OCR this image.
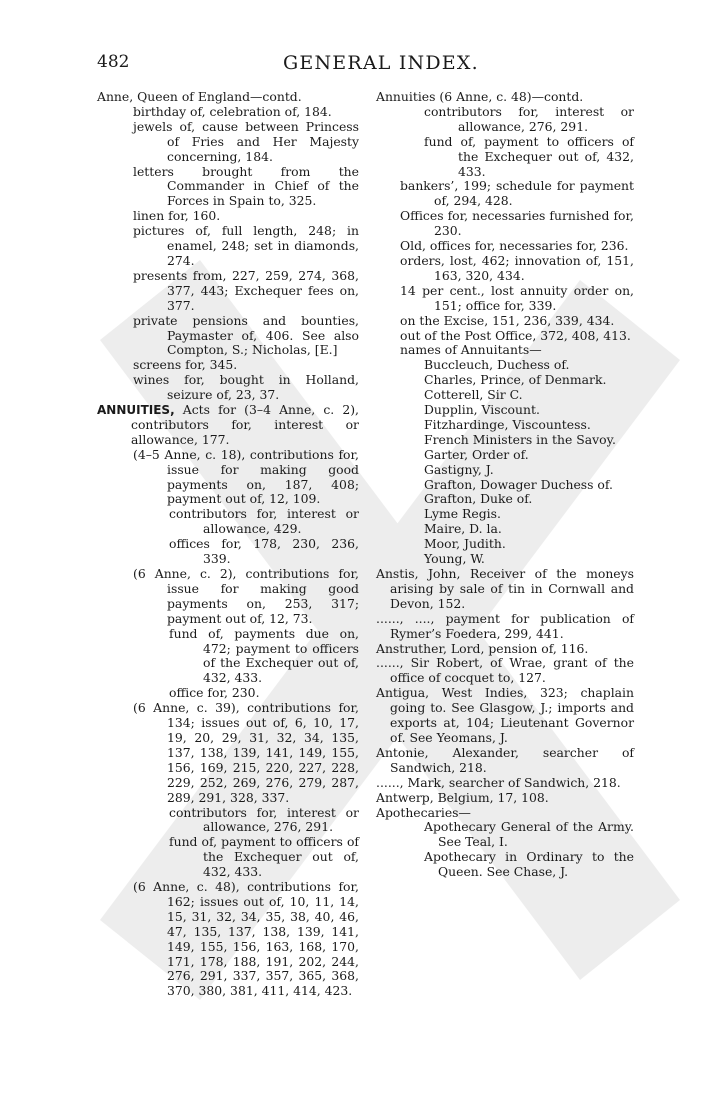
482	GENERAL INDEX.
Anne, Queen of England—contd.
birthday of, celebration of, 184.
jewels of, cause between Princess of Fries and Her Majesty concerning, 184.
letters brought from the Commander in Chief of the Forces in Spain to, 325.
linen for, 160.
pictures of, full length, 248; in enamel, 248; set in diamonds, 274.
presents from, 227, 259, 274, 368, 377, 443; Exchequer fees on, 377.
private pensions and bounties, Paymaster of, 406. See also Compton, S.; Nicholas, [E.]
screens for, 345.
wines for, bought in Holland, seizure of, 23, 37.
ANNUITIES, Acts for (3–4 Anne, c. 2), contributors for, interest or allowance, 177.
(4–5 Anne, c. 18), contributions for, issue for making good payments on, 187, 408; payment out of, 12, 109.
contributors for, interest or allowance, 429.
offices for, 178, 230, 236, 339.
(6 Anne, c. 2), contributions for, issue for making good payments on, 253, 317; payment out of, 12, 73.
fund of, payments due on, 472; payment to officers of the Exchequer out of, 432, 433.
office for, 230.
(6 Anne, c. 39), contributions for, 134; issues out of, 6, 10, 17, 19, 20, 29, 31, 32, 34, 135, 137, 138, 139, 141, 149, 155, 156, 169, 215, 220, 227, 228, 229, 252, 269, 276, 279, 287, 289, 291, 328, 337.
contributors for, interest or allowance, 276, 291.
fund of, payment to officers of the Exchequer out of, 432, 433.
(6 Anne, c. 48), contributions for, 162; issues out of, 10, 11, 14, 15, 31, 32, 34, 35, 38, 40, 46, 47, 135, 137, 138, 139, 141, 149, 155, 156, 163, 168, 170, 171, 178, 188, 191, 202, 244, 276, 291, 337, 357, 365, 368, 370, 380, 381, 411, 414, 423.
Annuities (6 Anne, c. 48)—contd.
contributors for, interest or allowance, 276, 291.
fund of, payment to officers of the Exchequer out of, 432, 433.
bankers’, 199; schedule for payment of, 294, 428.
Offices for, necessaries furnished for, 230.
Old, offices for, necessaries for, 236.
orders, lost, 462; innovation of, 151, 163, 320, 434.
14 per cent., lost annuity order on, 151; office for, 339.
on the Excise, 151, 236, 339, 434.
out of the Post Office, 372, 408, 413.
names of Annuitants—
Buccleuch, Duchess of.
Charles, Prince, of Denmark.
Cotterell, Sir C.
Dupplin, Viscount.
Fitzhardinge, Viscountess.
French Ministers in the Savoy.
Garter, Order of.
Gastigny, J.
Grafton, Dowager Duchess of.
Grafton, Duke of.
Lyme Regis.
Maire, D. la.
Moor, Judith.
Young, W.
Anstis, John, Receiver of the moneys arising by sale of tin in Cornwall and Devon, 152.
......, ...., payment for publication of Rymer’s Foedera, 299, 441.
Anstruther, Lord, pension of, 116.
......, Sir Robert, of Wrae, grant of the office of cocquet to, 127.
Antigua, West Indies, 323; chaplain going to. See Glasgow, J.; imports and exports at, 104; Lieutenant Governor of. See Yeomans, J.
Antonie, Alexander, searcher of Sandwich, 218.
......, Mark, searcher of Sandwich, 218.
Antwerp, Belgium, 17, 108.
Apothecaries—
Apothecary General of the Army. See Teal, I.
Apothecary in Ordinary to the Queen. See Chase, J.
